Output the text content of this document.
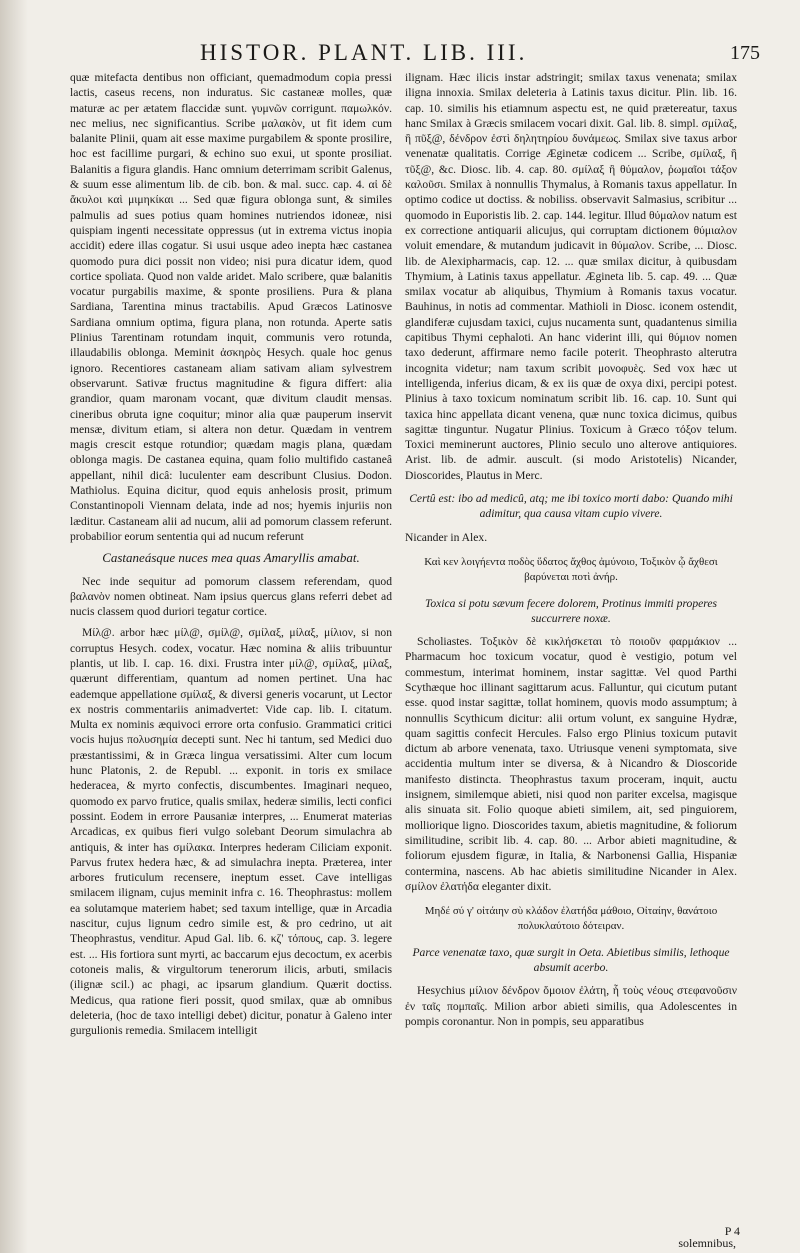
HISTOR. PLANT. LIB. III.	175

quæ mitefacta dentibus non officiant, quemadmodum copia pressi lactis, caseus recens, non induratus. Sic castaneæ molles, quæ maturæ ac per ætatem flaccidæ sunt. γυμνῶν corrigunt. παμωλκόν. nec melius, nec significantius. Scribe μαλακὸν, ut fit idem cum balanite Plinii, quam ait esse maxime purgabilem & sponte prosilire, hoc est facillime purgari, & echino suo exui, ut sponte prosiliat. Balanitis a figura glandis. Hanc omnium deterrimam scribit Galenus, & suum esse alimentum lib. de cib. bon. & mal. succ. cap. 4. αἱ δὲ ἄκυλοι καὶ μιμηκίκαι ... Sed quæ figura oblonga sunt, & similes palmulis ad sues potius quam homines nutriendos idoneæ, nisi quispiam ingenti necessitate oppressus (ut in extrema victus inopia accidit) edere illas cogatur. Si usui usque adeo inepta hæc castanea quomodo pura dici possit non video; nisi pura dicatur idem, quod cortice spoliata. Quod non valde aridet. Malo scribere, quæ balanitis vocatur purgabilis maxime, & sponte prosiliens. Pura & plana Sardiana, Tarentina minus tractabilis. Apud Græcos Latinosve Sardiana omnium optima, figura plana, non rotunda. Aperte satis Plinius Tarentinam rotundam inquit, communis vero rotunda, illaudabilis oblonga. Meminit ἀσκηρὸς Hesych. quale hoc genus ignoro. Recentiores castaneam aliam sativam aliam sylvestrem observarunt. Sativæ fructus magnitudine & figura differt: alia grandior, quam maronam vocant, quæ divitum claudit mensas. cineribus obruta igne coquitur; minor alia quæ pauperum inservit mensæ, divitum etiam, si altera non detur. Quædam in ventrem magis crescit estque rotundior; quædam magis plana, quædam oblonga magis. De castanea equina, quam folio multifido castaneâ appellant, nihil dicâ: luculenter eam describunt Clusius. Dodon. Mathiolus. Equina dicitur, quod equis anhelosis prosit, primum Constantinopoli Viennam delata, inde ad nos; hyemis injuriis non læditur. Castaneam alii ad nucum, alii ad pomorum classem referunt. probabilior eorum sententia qui ad nucum referunt

Castaneásque nuces mea quas Amaryllis amabat.

Nec inde sequitur ad pomorum classem referendam, quod βαλανὸν nomen obtineat. Nam ipsius quercus glans referri debet ad nucis classem quod duriori tegatur cortice.

Μίλ@. arbor hæc μίλ@, σμίλ@, σμίλαξ, μίλαξ, μίλιον, si non corruptus Hesych. codex, vocatur. Hæc nomina & aliis tribuuntur plantis, ut lib. I. cap. 16. dixi. Frustra inter μίλ@, σμίλαξ, μίλαξ, quærunt differentiam, quantum ad nomen pertinet. Una hac eademque appellatione σμίλαξ, & diversi generis vocarunt, ut Lector ex nostris commentariis animadvertet: Vide cap. lib. I. citatum. Multa ex nominis æquivoci errore orta confusio. Grammatici critici vocis hujus πολυσημία decepti sunt. Nec hi tantum, sed Medici duo præstantissimi, & in Græca lingua versatissimi. Alter cum locum hunc Platonis, 2. de Republ. ... exponit. in toris ex smilace hederacea, & myrto confectis, discumbentes. Imaginari nequeo, quomodo ex parvo frutice, qualis smilax, hederæ similis, lecti confici possint. Eodem in errore Pausaniæ interpres, ... Enumerat materias Arcadicas, ex quibus fieri vulgo solebant Deorum simulachra ab antiquis, & inter has σμίλακα. Interpres hederam Ciliciam exponit. Parvus frutex hedera hæc, & ad simulachra inepta. Præterea, inter arbores fruticulum recensere, ineptum esset. Cave intelligas smilacem ilignam, cujus meminit infra c. 16. Theophrastus: mollem ea solutamque materiem habet; sed taxum intellige, quæ in Arcadia nascitur, cujus lignum cedro simile est, & pro cedrino, ut ait Theophrastus, venditur. Apud Gal. lib. 6. κζ' τόπους, cap. 3. legere est. ... His fortiora sunt myrti, ac baccarum ejus decoctum, ex acerbis cotoneis malis, & virgultorum tenerorum ilicis, arbuti, smilacis (ilignæ scil.) ac phagi, ac ipsarum glandium. Quærit doctiss. Medicus, qua ratione fieri possit, quod smilax, quæ ab omnibus deleteria, (hoc de taxo intelligi debet) dicitur, ponatur à Galeno inter gurgulionis remedia. Smilacem intelligit

ilignam. Hæc ilicis instar adstringit; smilax taxus venenata; smilax iligna innoxia. Smilax deleteria à Latinis taxus dicitur. Plin. lib. 16. cap. 10. similis his etiamnum aspectu est, ne quid prætereatur, taxus hanc Smilax à Græcis smilacem vocari dixit. Gal. lib. 8. simpl. σμίλαξ, ἣ πῦξ@, δένδρον ἐστὶ δηλητηρίου δυνάμεως. Smilax sive taxus arbor venenatæ qualitatis. Corrige Æginetæ codicem ... Scribe, σμίλαξ, ἣ τῦξ@, &c. Diosc. lib. 4. cap. 80. σμίλαξ ἣ θύμαλον, ῥωμαῖοι τάξον καλοῦσι. Smilax à nonnullis Thymalus, à Romanis taxus appellatur. In optimo codice ut doctiss. & nobiliss. observavit Salmasius, scribitur ... quomodo in Euporistis lib. 2. cap. 144. legitur. Illud θύμαλον natum est ex correctione antiquarii alicujus, qui corruptam dictionem θύμιαλον voluit emendare, & mutandum judicavit in θύμαλον. Scribe, ... Diosc. lib. de Alexipharmacis, cap. 12. ... quæ smilax dicitur, à quibusdam Thymium, à Latinis taxus appellatur. Ægineta lib. 5. cap. 49. ... Quæ smilax vocatur ab aliquibus, Thymium à Romanis taxus vocatur. Bauhinus, in notis ad commentar. Mathioli in Diosc. iconem ostendit, glandiferæ cujusdam taxici, cujus nucamenta sunt, quadantenus similia capitibus Thymi cephaloti. An hanc viderint illi, qui θύμιον nomen taxo dederunt, affirmare nemo facile poterit. Theophrasto alterutra incognita videtur; nam taxum scribit μονοφυὲς. Sed vox hæc ut intelligenda, inferius dicam, & ex iis quæ de oxya dixi, percipi potest. Plinius à taxo toxicum nominatum scribit lib. 16. cap. 10. Sunt qui taxica hinc appellata dicant venena, quæ nunc toxica dicimus, quibus sagittæ tinguntur. Nugatur Plinius. Toxicum à Græco τόξον telum. Toxici meminerunt auctores, Plinio seculo uno alterove antiquiores. Arist. lib. de admir. auscult. (si modo Aristotelis) Nicander, Dioscorides, Plautus in Merc.

Certû est: ibo ad medicû, atq; me ibi toxico morti dabo: Quando mihi adimitur, qua causa vitam cupio vivere.

Nicander in Alex.

Καὶ κεν λοιγήεντα ποδὸς ὕδατος ἄχθος ἀμύνοιο, Τοξικὸν ᾧ ἄχθεσι βαρύνεται ποτὶ ἀνήρ.

Toxica si potu sævum fecere dolorem, Protinus immiti properes succurrere noxæ.

Scholiastes. Τοξικὸν δὲ κικλήσκεται τὸ ποιοῦν φαρμάκιον ... Pharmacum hoc toxicum vocatur, quod è vestigio, potum vel commestum, interimat hominem, instar sagittæ. Vel quod Parthi Scythæque hoc illinant sagittarum acus. Falluntur, qui cicutum putant esse. quod instar sagittæ, tollat hominem, quovis modo assumptum; à nonnullis Scythicum dicitur: alii ortum volunt, ex sanguine Hydræ, quam sagittis confecit Hercules. Falso ergo Plinius toxicum putavit dictum ab arbore venenata, taxo. Utriusque veneni symptomata, sive accidentia multum inter se diversa, & à Nicandro & Dioscoride manifesto distincta. Theophrastus taxum proceram, inquit, auctu insignem, similemque abieti, nisi quod non pariter excelsa, magisque alis sinuata sit. Folio quoque abieti similem, ait, sed pinguiorem, molliorique ligno. Dioscorides taxum, abietis magnitudine, & foliorum similitudine, scribit lib. 4. cap. 80. ... Arbor abieti magnitudine, & foliorum ejusdem figuræ, in Italia, & Narbonensi Gallia, Hispaniæ contermina, nascens. Ab hac abietis similitudine Nicander in Alex. σμίλον ἐλατήδα eleganter dixit.

Μηδέ σύ γ' οἰτάιην σὺ κλάδον ἐλατήδα μάθοιο, Οἰταίην, θανάτοιο πολυκλαύτοιο δότειραν.

Parce venenatæ taxo, quæ surgit in Oeta. Abietibus similis, lethoque absumit acerbo.

Hesychius μίλιον δένδρον ὅμοιον ἐλάτη, ἧ τοὺς νέους στεφανοῦσιν ἐν ταῖς πομπαῖς. Milion arbor abieti similis, qua Adolescentes in pompis coronantur. Non in pompis, seu apparatibus

P 4
solemnibus,
